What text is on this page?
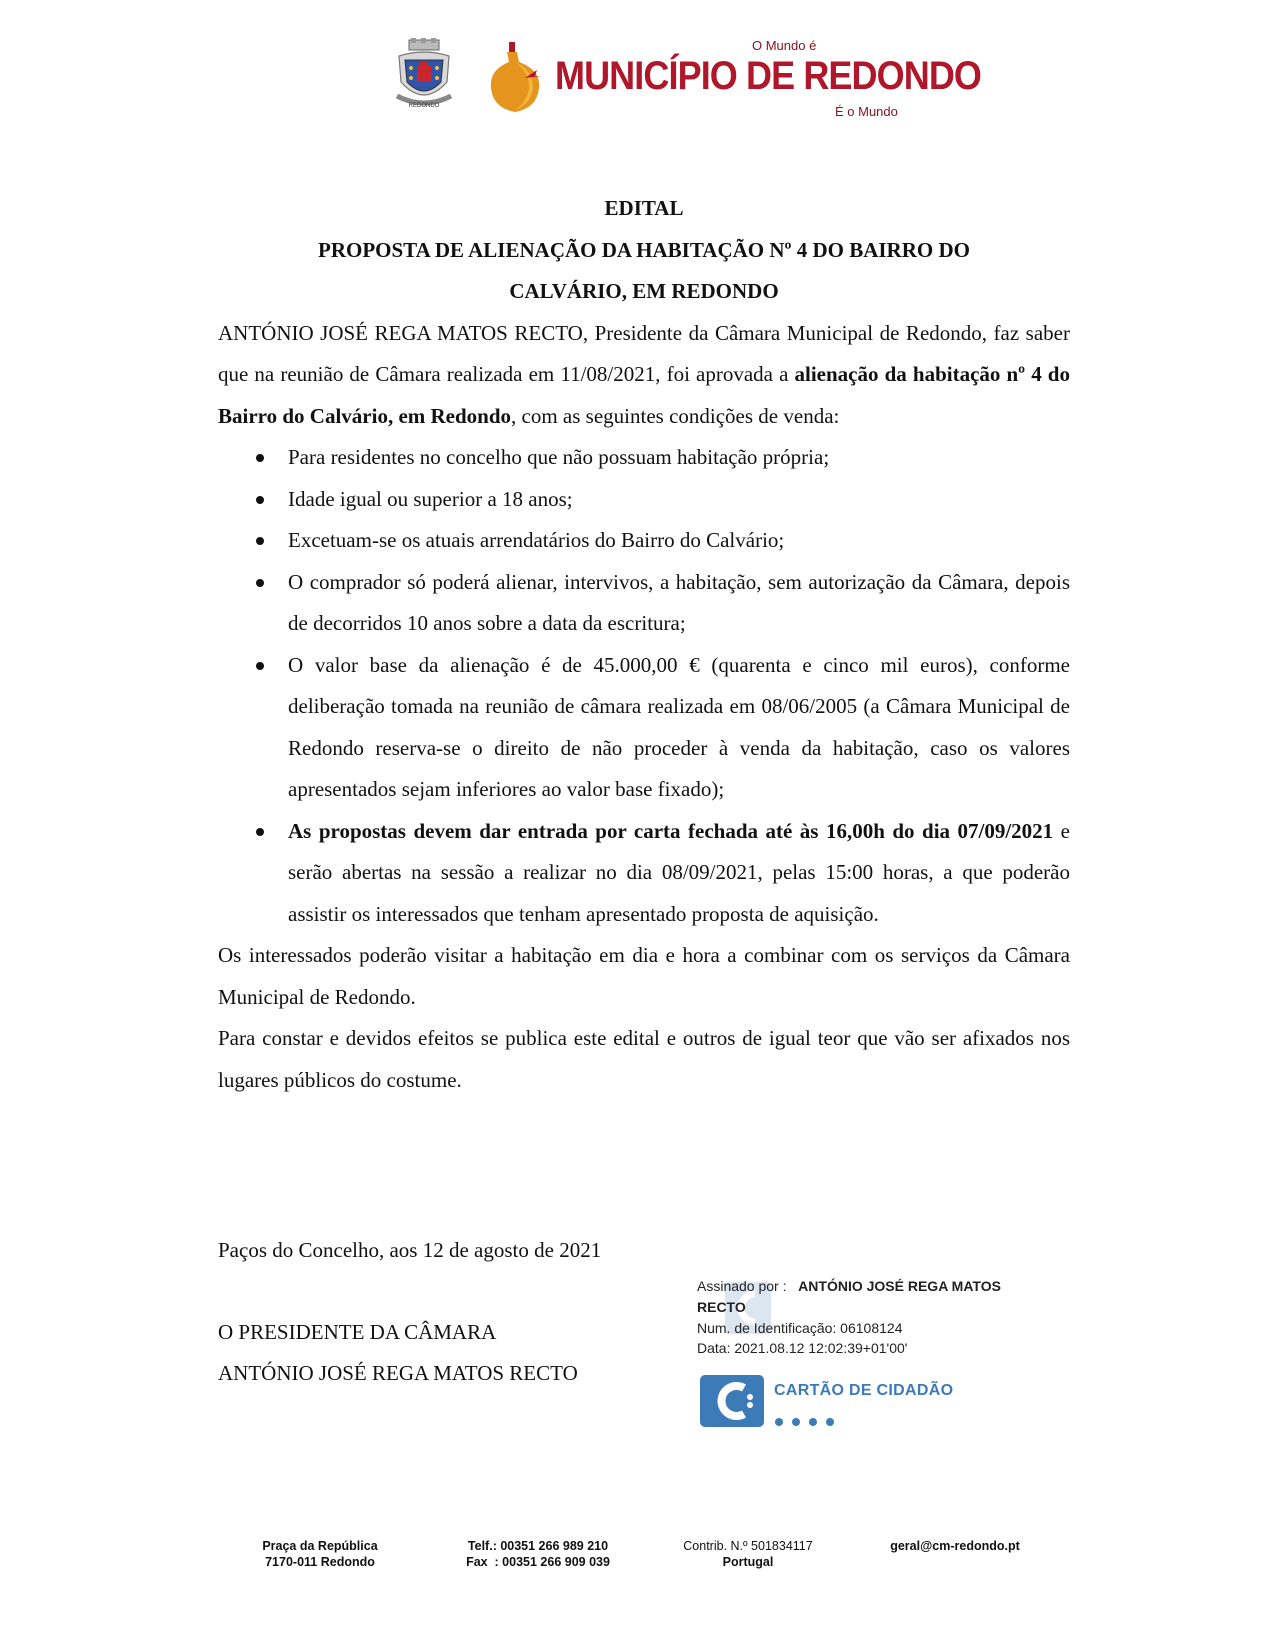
REDONDO
O Mundo é
MUNICÍPIO DE REDONDO
É o Mundo

EDITAL

PROPOSTA DE ALIENAÇÃO DA HABITAÇÃO Nº 4 DO BAIRRO DO

CALVÁRIO, EM REDONDO

ANTÓNIO JOSÉ REGA MATOS RECTO, Presidente da Câmara Municipal de Redondo, faz saber que na reunião de Câmara realizada em 11/08/2021, foi aprovada a alienação da habitação nº 4 do Bairro do Calvário, em Redondo, com as seguintes condições de venda:

Para residentes no concelho que não possuam habitação própria;
Idade igual ou superior a 18 anos;
Excetuam-se os atuais arrendatários do Bairro do Calvário;
O comprador só poderá alienar, intervivos, a habitação, sem autorização da Câmara, depois de decorridos 10 anos sobre a data da escritura;
O valor base da alienação é de 45.000,00 € (quarenta e cinco mil euros), conforme deliberação tomada na reunião de câmara realizada em 08/06/2005 (a Câmara Municipal de Redondo reserva-se o direito de não proceder à venda da habitação, caso os valores apresentados sejam inferiores ao valor base fixado);
As propostas devem dar entrada por carta fechada até às 16,00h do dia 07/09/2021 e serão abertas na sessão a realizar no dia 08/09/2021, pelas 15:00 horas, a que poderão assistir os interessados que tenham apresentado proposta de aquisição.

Os interessados poderão visitar a habitação em dia e hora a combinar com os serviços da Câmara Municipal de Redondo.

Para constar e devidos efeitos se publica este edital e outros de igual teor que vão ser afixados nos lugares públicos do costume.

Paços do Concelho, aos 12 de agosto de 2021
O PRESIDENTE DA CÂMARA
ANTÓNIO JOSÉ REGA MATOS RECTO
Assinado por : ANTÓNIO JOSÉ REGA MATOS
RECTO
Num. de Identificação: 06108124
Data: 2021.08.12 12:02:39+01'00'
CARTÃO DE CIDADÃO
Praça da República
7170-011 Redondo
Telf.: 00351 266 989 210
Fax  : 00351 266 909 039
Contrib. N.º 501834117
Portugal
geral@cm-redondo.pt
